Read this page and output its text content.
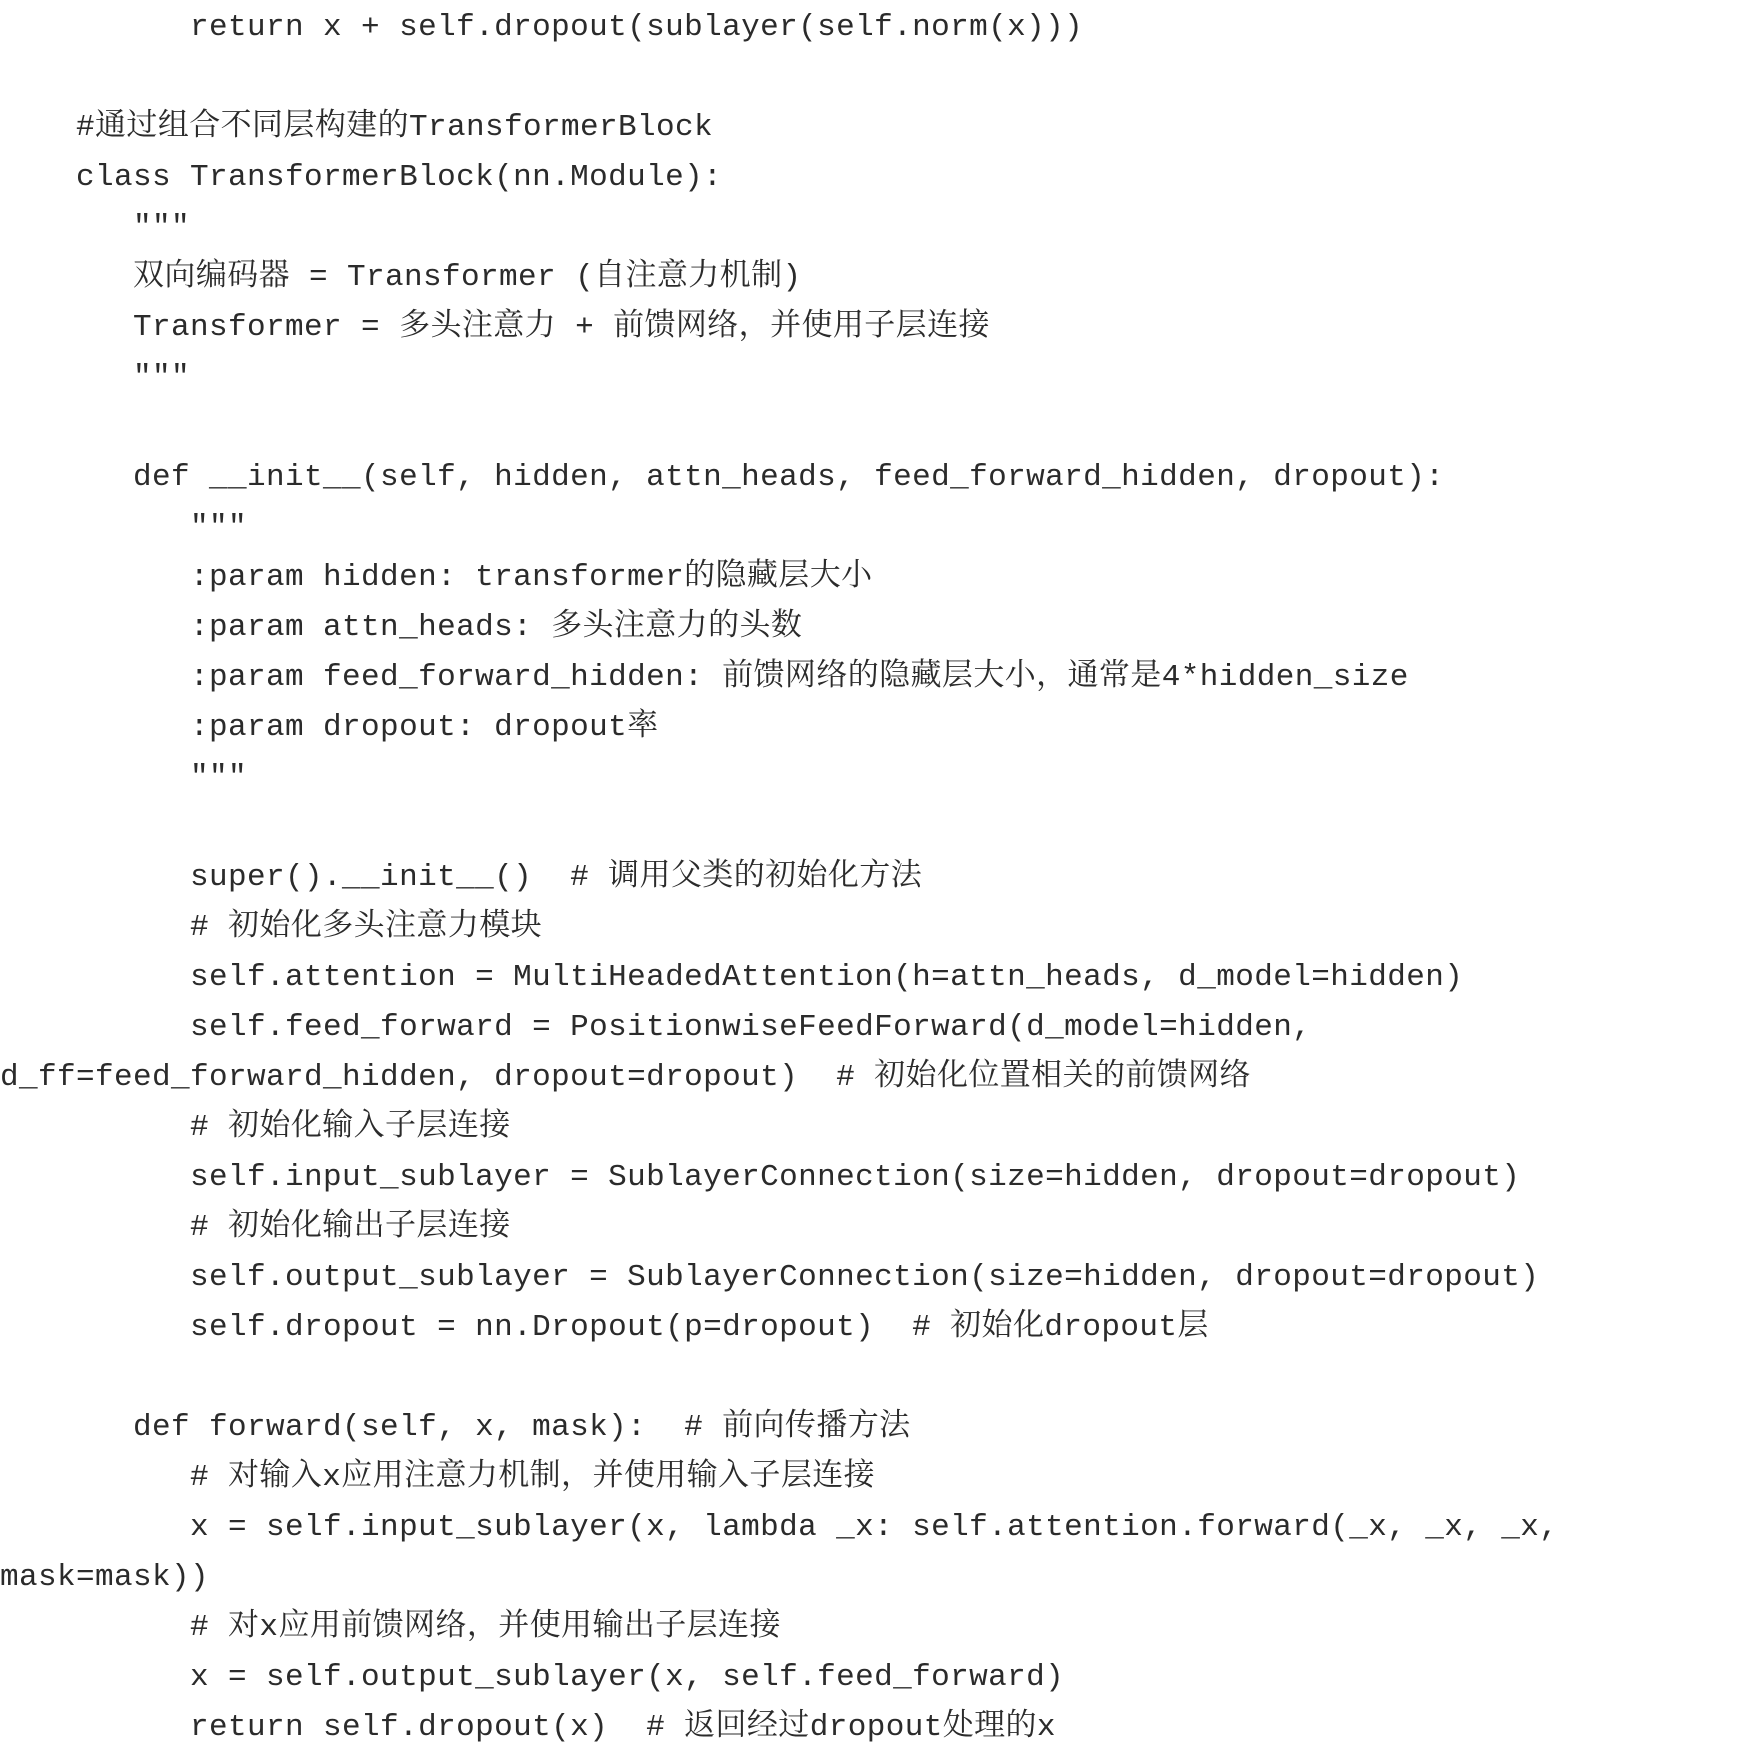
return x + self.dropout(sublayer(self.norm(x)))
#通过组合不同层构建的TransformerBlock
class TransformerBlock(nn.Module):
"""
双向编码器 = Transformer (自注意力机制)
Transformer = 多头注意力 + 前馈网络，并使用子层连接
"""
def __init__(self, hidden, attn_heads, feed_forward_hidden, dropout):
"""
:param hidden: transformer的隐藏层大小
:param attn_heads: 多头注意力的头数
:param feed_forward_hidden: 前馈网络的隐藏层大小，通常是4*hidden_size
:param dropout: dropout率
"""
super().__init__()  # 调用父类的初始化方法
# 初始化多头注意力模块
self.attention = MultiHeadedAttention(h=attn_heads, d_model=hidden)
self.feed_forward = PositionwiseFeedForward(d_model=hidden,
d_ff=feed_forward_hidden, dropout=dropout)  # 初始化位置相关的前馈网络
# 初始化输入子层连接
self.input_sublayer = SublayerConnection(size=hidden, dropout=dropout)
# 初始化输出子层连接
self.output_sublayer = SublayerConnection(size=hidden, dropout=dropout)
self.dropout = nn.Dropout(p=dropout)  # 初始化dropout层
def forward(self, x, mask):  # 前向传播方法
# 对输入x应用注意力机制，并使用输入子层连接
x = self.input_sublayer(x, lambda _x: self.attention.forward(_x, _x, _x,
mask=mask))
# 对x应用前馈网络，并使用输出子层连接
x = self.output_sublayer(x, self.feed_forward)
return self.dropout(x)  # 返回经过dropout处理的x
